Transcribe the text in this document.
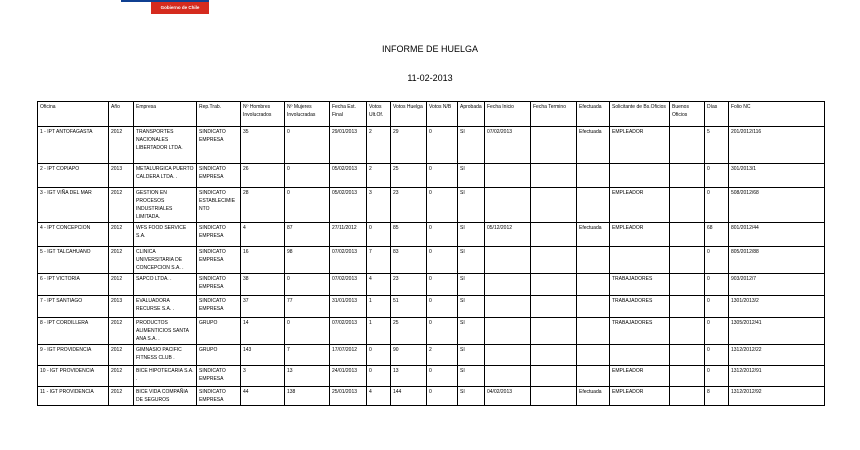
Gobierno de Chile
INFORME DE HUELGA
11-02-2013
Oficina	Año	Empresa	Rep.Trab.	Nº Hombres Involucrados	Nº Mujeres Involucradas	Fecha Est. Final	Votos Ult.Of.	Votos Huelga	Votos N/B	Aprobada	Fecha Inicio	Fecha Termino	Efectuada	Solicitante de Bs.Oficios	Buenos Oficios	Días	Folio NC
1 - IPT ANTOFAGASTA	2012	TRANSPORTES NACIONALES LIBERTADOR LTDA.	SINDICATO EMPRESA	35	0	29/01/2013	2	29	0	SI	07/02/2013		Efectuada	EMPLEADOR		5	201/2012/116
2 - IPT COPIAPO	2013	METALURGICA PUERTO CALDERA LTDA. .	SINDICATO EMPRESA	26	0	05/02/2013	2	25	0	SI						0	301/2013/1
3 - IGT VIÑA DEL MAR	2012	GESTION EN PROCESOS INDUSTRIALES LIMITADA.	SINDICATO ESTABLECIMIENTO	28	0	05/02/2013	3	23	0	SI				EMPLEADOR		0	508/2012/68
4 - IPT CONCEPCION	2012	WFS FOOD SERVICE S.A.	SINDICATO EMPRESA	4	87	27/11/2012	0	85	0	SI	05/12/2012		Efectuada	EMPLEADOR		68	801/2012/44
5 - IGT TALCAHUANO	2012	CLINICA UNIVERSITARIA DE CONCEPCION S.A. .	SINDICATO EMPRESA	16	98	07/02/2013	7	83	0	SI						0	805/2012/88
6 - IPT VICTORIA	2012	SAPCO LTDA. .	SINDICATO EMPRESA	38	0	07/02/2013	4	23	0	SI				TRABAJADORES		0	903/2012/7
7 - IPT SANTIAGO	2013	EVALUADORA RECURSE S.A. .	SINDICATO EMPRESA	37	77	31/01/2013	1	51	0	SI				TRABAJADORES		0	1301/2013/2
8 - IPT CORDILLERA	2012	PRODUCTOS ALIMENTICIOS SANTA ANA S.A. .	GRUPO	14	0	07/02/2013	1	25	0	SI				TRABAJADORES		0	1305/2012/41
9 - IGT PROVIDENCIA	2012	GIMNASIO PACIFIC FITNESS CLUB .	GRUPO	143	7	17/07/2012	0	90	2	SI						0	1312/2012/22
10 - IGT PROVIDENCIA	2012	BICE HIPOTECARIA S.A. .	SINDICATO EMPRESA	3	13	24/01/2013	0	13	0	SI				EMPLEADOR		0	1312/2012/91
11 - IGT PROVIDENCIA	2012	BICE VIDA COMPAÑIA DE SEGUROS	SINDICATO EMPRESA	44	138	25/01/2013	4	144	0	SI	04/02/2013		Efectuada	EMPLEADOR		8	1312/2012/92
